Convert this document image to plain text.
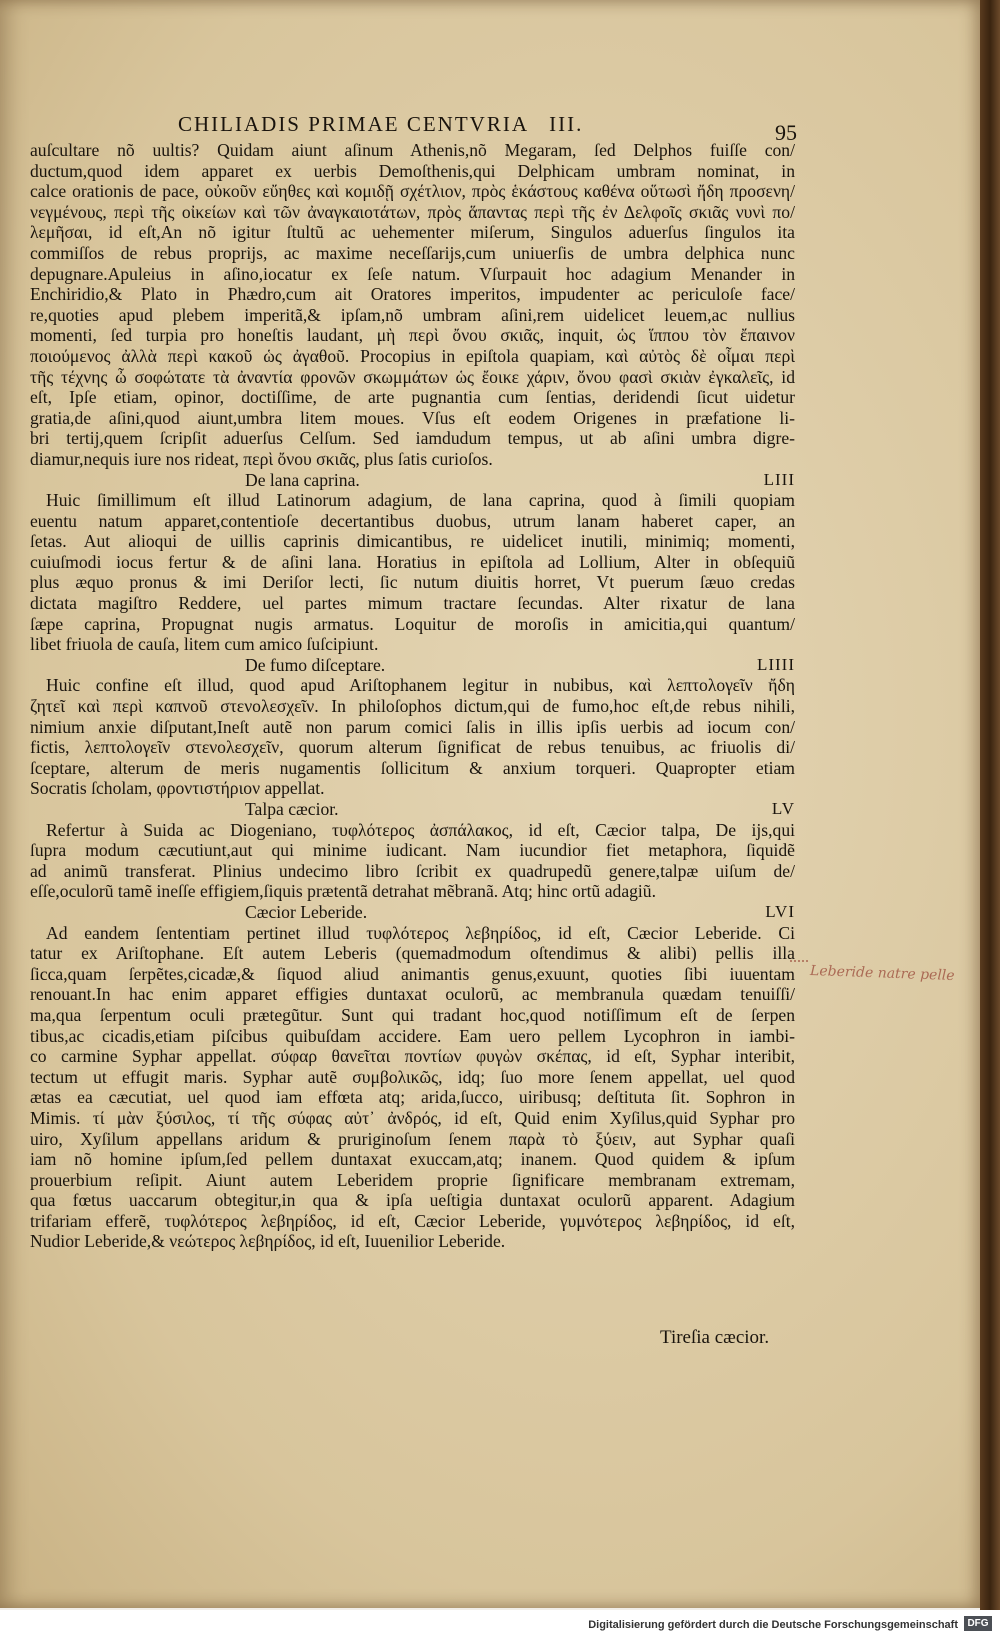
CHILIADIS PRIMAE CENTVRIA III.	95
auſcultare nõ uultis? Quidam aiunt aſinum Athenis,nõ Megaram, ſed Delphos fuiſſe con/
ductum,quod idem apparet ex uerbis Demoſthenis,qui Delphicam umbram nominat, in
calce orationis de pace, οὐκοῦν εὔηθες καὶ κομιδῇ σχέτλιον, πρὸς ἑκάστους καθένα οὕτωσὶ ἤδη προσενη/
νεγμένους, περὶ τῆς οἰκείων καὶ τῶν ἀναγκαιοτάτων, πρὸς ἅπαντας περὶ τῆς ἐν Δελφοῖς σκιᾶς νυνὶ πο/
λεμῆσαι, id eſt,An nõ igitur ſtultũ ac uehementer miſerum, Singulos aduerſus ſingulos ita
commiſſos de rebus proprijs, ac maxime neceſſarijs,cum uniuerſis de umbra delphica nunc
depugnare.Apuleius in aſino,iocatur ex ſeſe natum. Vſurpauit hoc adagium Menander in
Enchiridio,& Plato in Phædro,cum ait Oratores imperitos, impudenter ac periculoſe face/
re,quoties apud plebem imperitã,& ipſam,nõ umbram aſini,rem uidelicet leuem,ac nullius
momenti, ſed turpia pro honeſtis laudant, μὴ περὶ ὄνου σκιᾶς, inquit, ὡς ἵππου τὸν ἔπαινον
ποιούμενος ἀλλὰ περὶ κακοῦ ὡς ἀγαθοῦ. Procopius in epiſtola quapiam, καὶ αὐτὸς δὲ οἶμαι περὶ
τῆς τέχνης ὦ σοφώτατε τὰ ἀναντία φρονῶν σκωμμάτων ὡς ἔοικε χάριν, ὄνου φασὶ σκιὰν ἐγκαλεῖς, id
eſt, Ipſe etiam, opinor, doctiſſime, de arte pugnantia cum ſentias, deridendi ſicut uidetur
gratia,de aſini,quod aiunt,umbra litem moues. Vſus eſt eodem Origenes in præfatione li-
bri tertij,quem ſcripſit aduerſus Celſum. Sed iamdudum tempus, ut ab aſini umbra digre-
diamur,nequis iure nos rideat, περὶ ὄνου σκιᾶς, plus ſatis curioſos.
De lana caprina.	LIII
Huic ſimillimum eſt illud Latinorum adagium, de lana caprina, quod à ſimili quopiam
euentu natum apparet,contentioſe decertantibus duobus, utrum lanam haberet caper, an
ſetas. Aut alioqui de uillis caprinis dimicantibus, re uidelicet inutili, minimiq; momenti,
cuiuſmodi iocus fertur & de aſini lana. Horatius in epiſtola ad Lollium, Alter in obſequiũ
plus æquo pronus & imi Deriſor lecti, ſic nutum diuitis horret, Vt puerum ſæuo credas
dictata magiſtro Reddere, uel partes mimum tractare ſecundas. Alter rixatur de lana
ſæpe caprina, Propugnat nugis armatus. Loquitur de moroſis in amicitia,qui quantum/
libet friuola de cauſa, litem cum amico ſuſcipiunt.
De fumo diſceptare.	LIIII
Huic confine eſt illud, quod apud Ariſtophanem legitur in nubibus, καὶ λεπτολογεῖν ἤδη
ζητεῖ καὶ περὶ καπνοῦ στενολεσχεῖν. In philoſophos dictum,qui de fumo,hoc eſt,de rebus nihili,
nimium anxie diſputant,Ineſt autẽ non parum comici ſalis in illis ipſis uerbis ad iocum con/
fictis, λεπτολογεῖν στενολεσχεῖν, quorum alterum ſignificat de rebus tenuibus, ac friuolis di/
ſceptare, alterum de meris nugamentis ſollicitum & anxium torqueri. Quapropter etiam
Socratis ſcholam, φροντιστήριον appellat.
Talpa cæcior.	LV
Refertur à Suida ac Diogeniano, τυφλότερος ἀσπάλακος, id eſt, Cæcior talpa, De ijs,qui
ſupra modum cæcutiunt,aut qui minime iudicant. Nam iucundior fiet metaphora, ſiquidẽ
ad animũ transferat. Plinius undecimo libro ſcribit ex quadrupedũ genere,talpæ uiſum de/
eſſe,oculorũ tamẽ ineſſe effigiem,ſiquis prætentã detrahat mẽbranã. Atq; hinc ortũ adagiũ.
Cæcior Leberide.	LVI
Ad eandem ſententiam pertinet illud τυφλότερος λεβηρίδος, id eſt, Cæcior Leberide. Ci
tatur ex Ariſtophane. Eſt autem Leberis (quemadmodum oſtendimus & alibi) pellis illa
ſicca,quam ſerpẽtes,cicadæ,& ſiquod aliud animantis genus,exuunt, quoties ſibi iuuentam
renouant.In hac enim apparet effigies duntaxat oculorũ, ac membranula quædam tenuiſſi/
ma,qua ſerpentum oculi prætegũtur. Sunt qui tradant hoc,quod notiſſimum eſt de ſerpen
tibus,ac cicadis,etiam piſcibus quibuſdam accidere. Eam uero pellem Lycophron in iambi-
co carmine Syphar appellat. σύφαρ θανεῖται ποντίων φυγὼν σκέπας, id eſt, Syphar interibit,
tectum ut effugit maris. Syphar autẽ συμβολικῶς, idq; ſuo more ſenem appellat, uel quod
ætas ea cæcutiat, uel quod iam effœta atq; arida,ſucco, uiribusq; deſtituta ſit. Sophron in
Mimis. τί μὰν ξύσιλος, τί τῆς σύφας αὐτ᾽ ἀνδρός, id eſt, Quid enim Xyſilus,quid Syphar pro
uiro, Xyſilum appellans aridum & pruriginoſum ſenem παρὰ τὸ ξύειν, aut Syphar quaſi
iam nõ homine ipſum,ſed pellem duntaxat exuccam,atq; inanem. Quod quidem & ipſum
prouerbium reſipit. Aiunt autem Leberidem proprie ſignificare membranam extremam,
qua fœtus uaccarum obtegitur,in qua & ipſa ueſtigia duntaxat oculorũ apparent. Adagium
trifariam efferẽ, τυφλότερος λεβηρίδος, id eſt, Cæcior Leberide, γυμνότερος λεβηρίδος, id eſt,
Nudior Leberide,& νεώτερος λεβηρίδος, id eſt, Iuuenilior Leberide.
Tireſia cæcior.
Leberide natre pelle
Digitalisierung gefördert durch die Deutsche Forschungsgemeinschaft DFG
